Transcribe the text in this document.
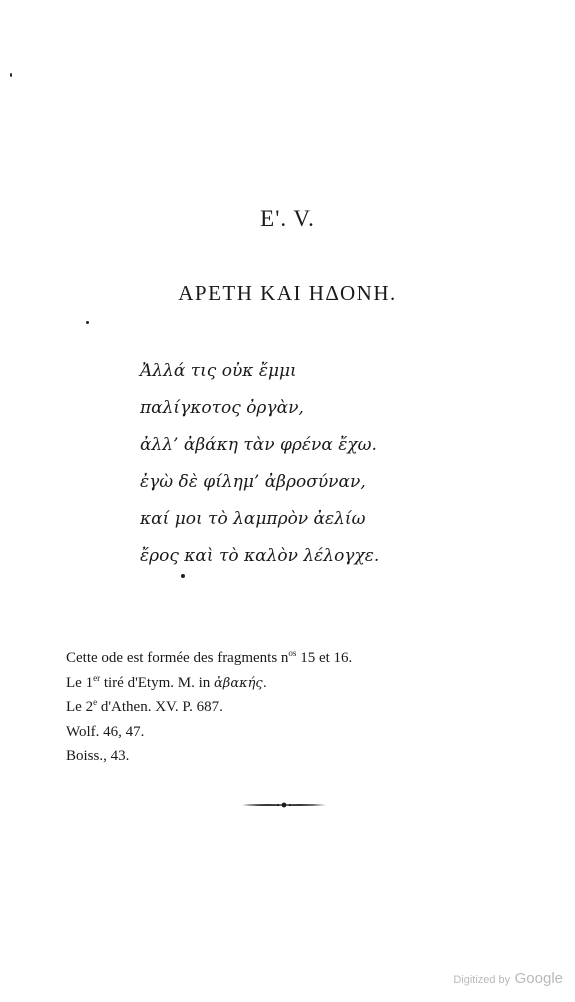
E'. V.
ΑΡΕΤΗ ΚΑΙ ΗΔΟΝΗ.
Ἀλλά τις οὐκ ἔμμι
παλίγκοτος ὀργὰν,
ἀλλ’ ἀβάκη τὰν φρένα ἔχω.
ἐγὼ δὲ φίλημ’ ἀβροσύναν,
καί μοι τὸ λαμπρὸν ἀελίω
ἔρος καὶ τὸ καλὸν λέλογχε.
Cette ode est formée des fragments $n^{os}$ 15 et 16.
Le 1er tiré d'Etym. M. in ἀβακής.
Le 2e d'Athen. XV. P. 687.
Wolf. 46, 47.
Boiss., 43.
Digitized by Google
